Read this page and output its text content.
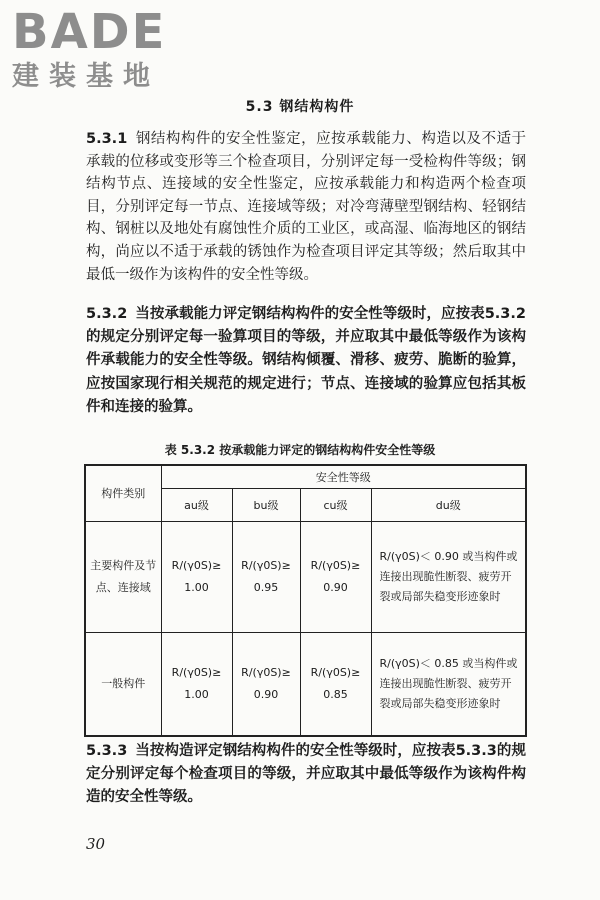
BADE
建装基地
5.3 钢结构构件

5.3.1 钢结构构件的安全性鉴定，应按承载能力、构造以及不适于承载的位移或变形等三个检查项目，分别评定每一受检构件等级；钢结构节点、连接域的安全性鉴定，应按承载能力和构造两个检查项目，分别评定每一节点、连接域等级；对冷弯薄壁型钢结构、轻钢结构、钢桩以及地处有腐蚀性介质的工业区，或高湿、临海地区的钢结构，尚应以不适于承载的锈蚀作为检查项目评定其等级；然后取其中最低一级作为该构件的安全性等级。

5.3.2 当按承载能力评定钢结构构件的安全性等级时，应按表5.3.2的规定分别评定每一验算项目的等级，并应取其中最低等级作为该构件承载能力的安全性等级。钢结构倾覆、滑移、疲劳、脆断的验算，应按国家现行相关规范的规定进行；节点、连接域的验算应包括其板件和连接的验算。

表 5.3.2 按承载能力评定的钢结构构件安全性等级
构件类别	安全性等级			
	au级	bu级	cu级	du级
主要构件及节点、连接域	R/(γ0S)≥ 1.00	R/(γ0S)≥ 0.95	R/(γ0S)≥ 0.90	R/(γ0S)＜ 0.90 或当构件或连接出现脆性断裂、疲劳开裂或局部失稳变形迹象时
一般构件	R/(γ0S)≥ 1.00	R/(γ0S)≥ 0.90	R/(γ0S)≥ 0.85	R/(γ0S)＜ 0.85 或当构件或连接出现脆性断裂、疲劳开裂或局部失稳变形迹象时

5.3.3 当按构造评定钢结构构件的安全性等级时，应按表5.3.3的规定分别评定每个检查项目的等级，并应取其中最低等级作为该构件构造的安全性等级。

30
